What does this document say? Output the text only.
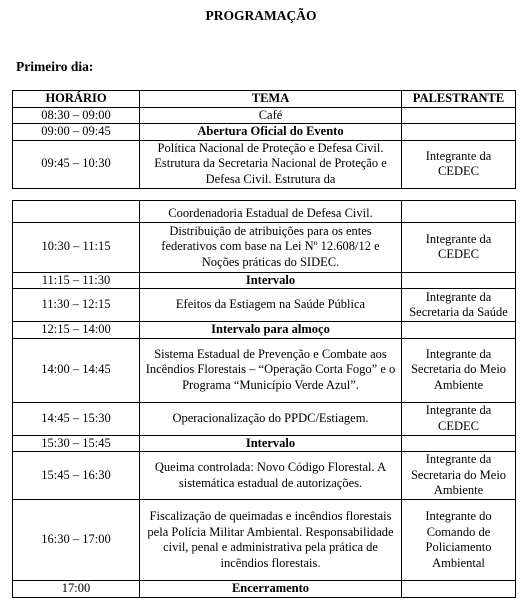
PROGRAMAÇÃO
Primeiro dia:
HORÁRIO	TEMA	PALESTRANTE
08:30 – 09:00	Café	
09:00 – 09:45	Abertura Oficial do Evento	
09:45 – 10:30	Política Nacional de Proteção e Defesa Civil. Estrutura da Secretaria Nacional de Proteção e Defesa Civil. Estrutura da	Integrante da CEDEC
	Coordenadoria Estadual de Defesa Civil.	
10:30 – 11:15	Distribuição de atribuições para os entes federativos com base na Lei Nº 12.608/12 e Noções práticas do SIDEC.	Integrante da CEDEC
11:15 – 11:30	Intervalo	
11:30 – 12:15	Efeitos da Estiagem na Saúde Pública	Integrante da Secretaria da Saúde
12:15 – 14:00	Intervalo para almoço	
14:00 – 14:45	Sistema Estadual de Prevenção e Combate aos Incêndios Florestais – “Operação Corta Fogo” e o Programa “Município Verde Azul”.	Integrante da Secretaria do Meio Ambiente
14:45 – 15:30	Operacionalização do PPDC/Estiagem.	Integrante da CEDEC
15:30 – 15:45	Intervalo	
15:45 – 16:30	Queima controlada: Novo Código Florestal. A sistemática estadual de autorizações.	Integrante da Secretaria do Meio Ambiente
16:30 – 17:00	Fiscalização de queimadas e incêndios florestais pela Polícia Militar Ambiental. Responsabilidade civil, penal e administrativa pela prática de incêndios florestais.	Integrante do Comando de Policiamento Ambiental
17:00	Encerramento	
